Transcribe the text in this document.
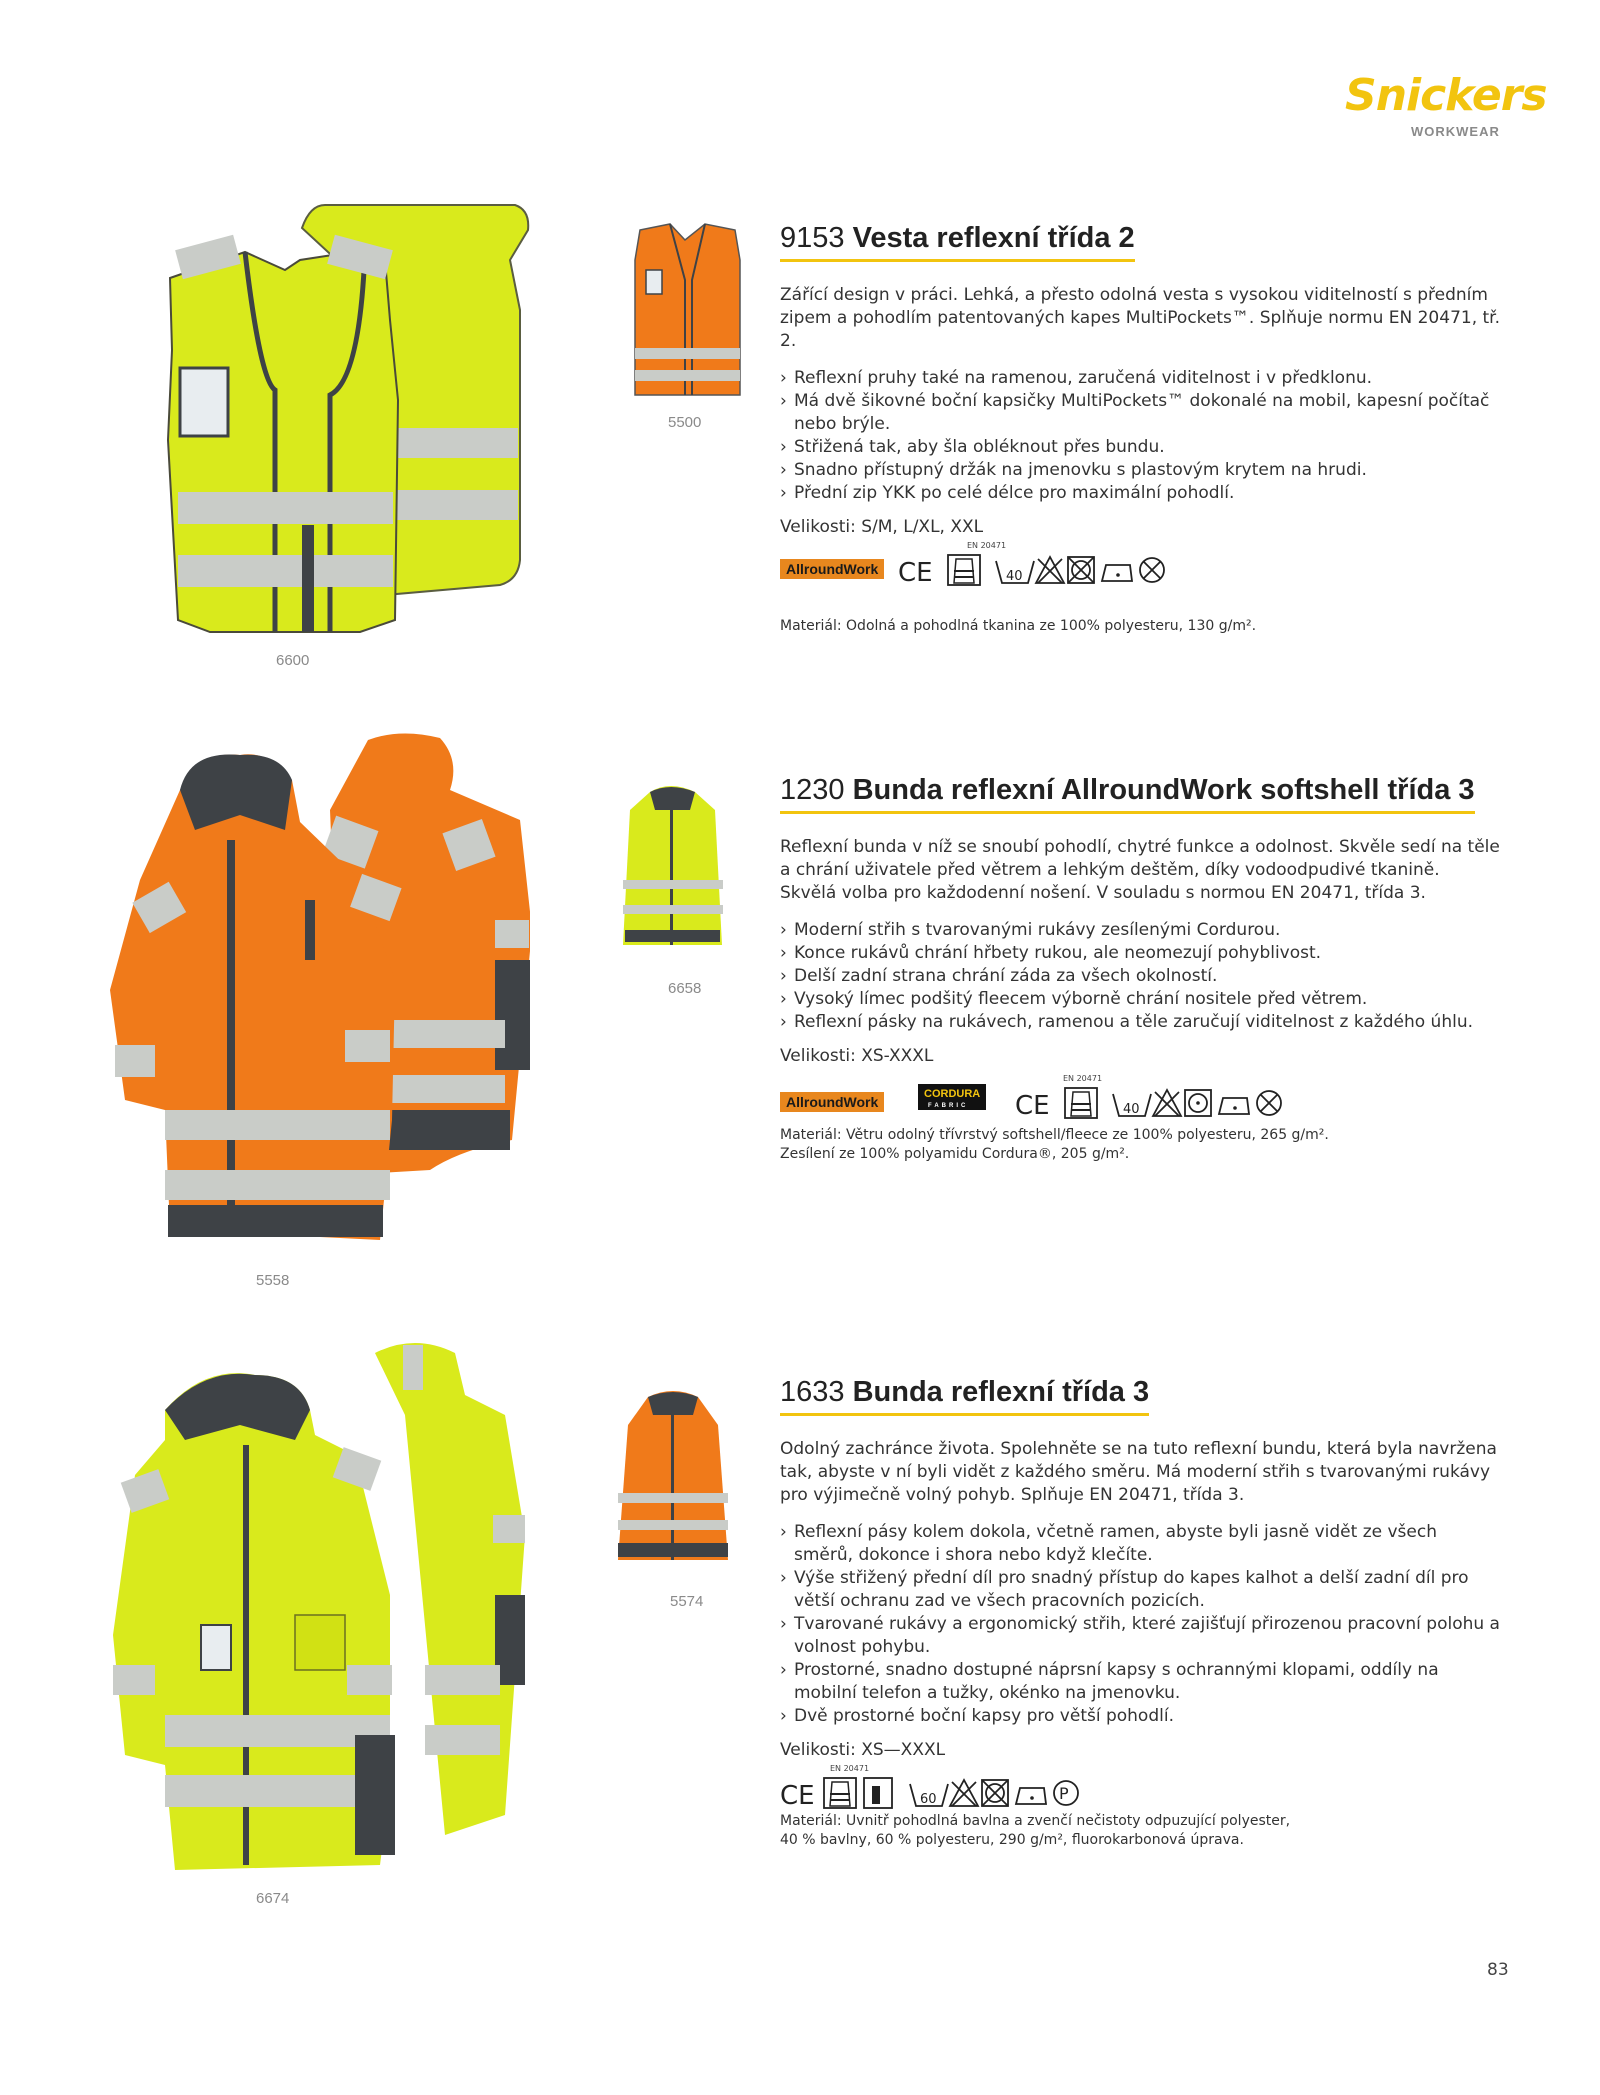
Snickers
WORKWEAR
6600
5500
9153 Vesta reflexní třída 2
Zářící design v práci. Lehká, a přesto odolná vesta s vysokou viditelností s předním zipem a pohodlím patentovaných kapes MultiPockets™. Splňuje normu EN 20471, tř. 2.
› Reflexní pruhy také na ramenou, zaručená viditelnost i v předklonu.
› Má dvě šikovné boční kapsičky MultiPockets™ dokonalé na mobil, kapesní počítač nebo brýle.
› Střižená tak, aby šla obléknout přes bundu.
› Snadno přístupný držák na jmenovku s plastovým krytem na hrudi.
› Přední zip YKK po celé délce pro maximální pohodlí.
Velikosti: S/M, L/XL, XXL
AllroundWork CE	40
EN 20471
Materiál: Odolná a pohodlná tkanina ze 100% polyesteru, 130 g/m².
5558
6658
1230 Bunda reflexní AllroundWork softshell třída 3
Reflexní bunda v níž se snoubí pohodlí, chytré funkce a odolnost. Skvěle sedí na těle a chrání uživatele před větrem a lehkým deštěm, díky vodoodpudivé tkanině. Skvělá volba pro každodenní nošení. V souladu s normou EN 20471, třída 3.
› Moderní střih s tvarovanými rukávy zesílenými Cordurou.
› Konce rukávů chrání hřbety rukou, ale neomezují pohyblivost.
› Delší zadní strana chrání záda za všech okolností.
› Vysoký límec podšitý fleecem výborně chrání nositele před větrem.
› Reflexní pásky na rukávech, ramenou a těle zaručují viditelnost z každého úhlu.
Velikosti: XS-XXXL
AllroundWork	CORDURA
FABRIC CE	40
EN 20471
Materiál: Větru odolný třívrstvý softshell/fleece ze 100% polyesteru, 265 g/m².
Zesílení ze 100% polyamidu Cordura®, 205 g/m².
6674
5574
1633 Bunda reflexní třída 3
Odolný zachránce života. Spolehněte se na tuto reflexní bundu, která byla navržena tak, abyste v ní byli vidět z každého směru. Má moderní střih s tvarovanými rukávy pro výjimečně volný pohyb. Splňuje EN 20471, třída 3.
› Reflexní pásy kolem dokola, včetně ramen, abyste byli jasně vidět ze všech směrů, dokonce i shora nebo když klečíte.
› Výše střižený přední díl pro snadný přístup do kapes kalhot a delší zadní díl pro větší ochranu zad ve všech pracovních pozicích.
› Tvarované rukávy a ergonomický střih, které zajišťují přirozenou pracovní polohu a volnost pohybu.
› Prostorné, snadno dostupné náprsní kapsy s ochrannými klopami, oddíly na mobilní telefon a tužky, okénko na jmenovku.
› Dvě prostorné boční kapsy pro větší pohodlí.
Velikosti: XS—XXXL
CE	60	P
EN 20471
Materiál: Uvnitř pohodlná bavlna a zvenčí nečistoty odpuzující polyester,
40 % bavlny, 60 % polyesteru, 290 g/m², fluorokarbonová úprava.
83
